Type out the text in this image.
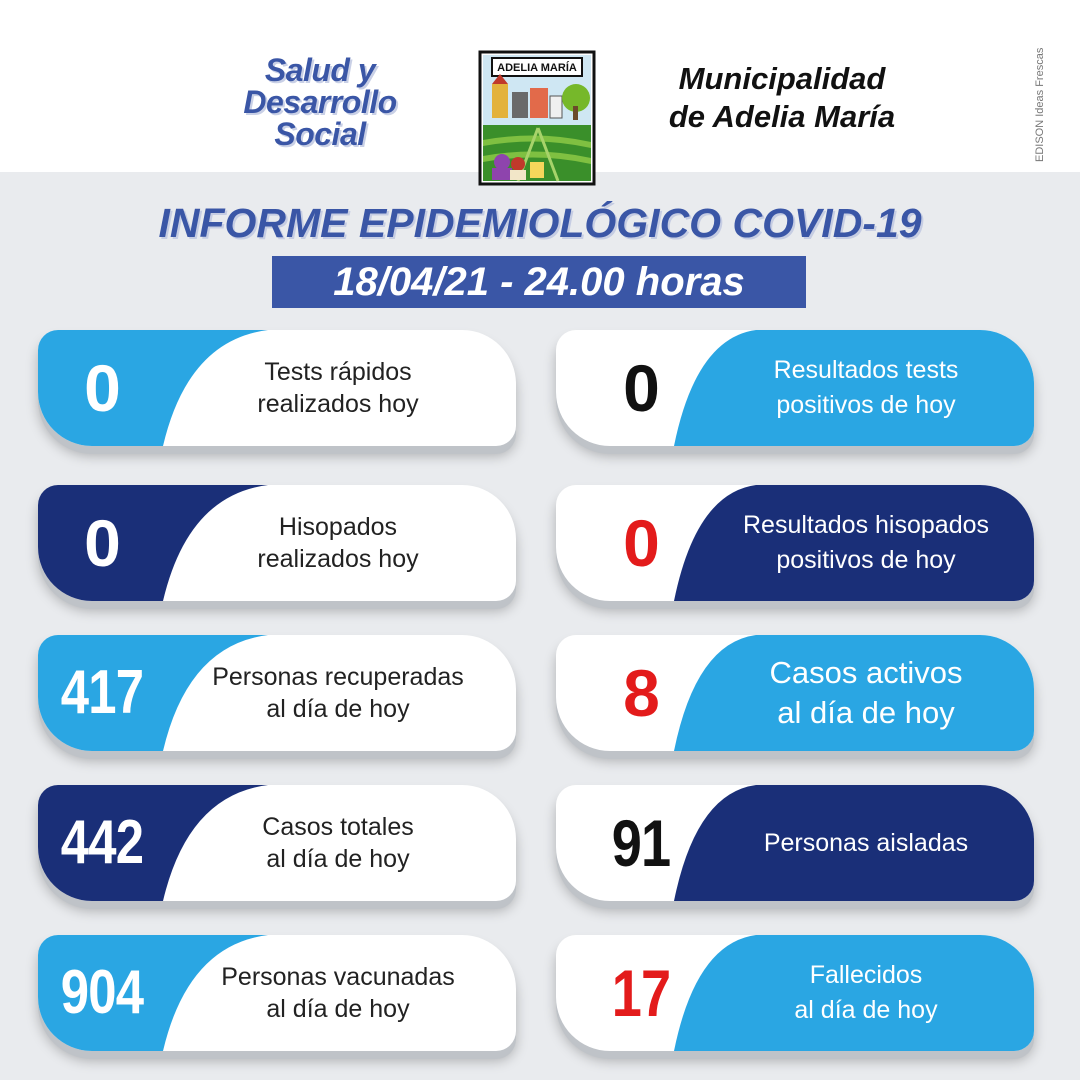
Salud y
Desarrollo
Social
ADELIA MARÍA	Municipalidad
de Adelia María	EDISON Ideas Frescas
INFORME EPIDEMIOLÓGICO COVID-19
18/04/21 - 24.00 horas
0	Tests rápidos
realizados hoy
0	Hisopados
realizados hoy
417	Personas recuperadas
al día de hoy
442	Casos totales
al día de hoy
904	Personas vacunadas
al día de hoy
0	Resultados tests
positivos de hoy
0	Resultados hisopados
positivos de hoy
8	Casos activos
al día de hoy
91	Personas aisladas
17	Fallecidos
al día de hoy
